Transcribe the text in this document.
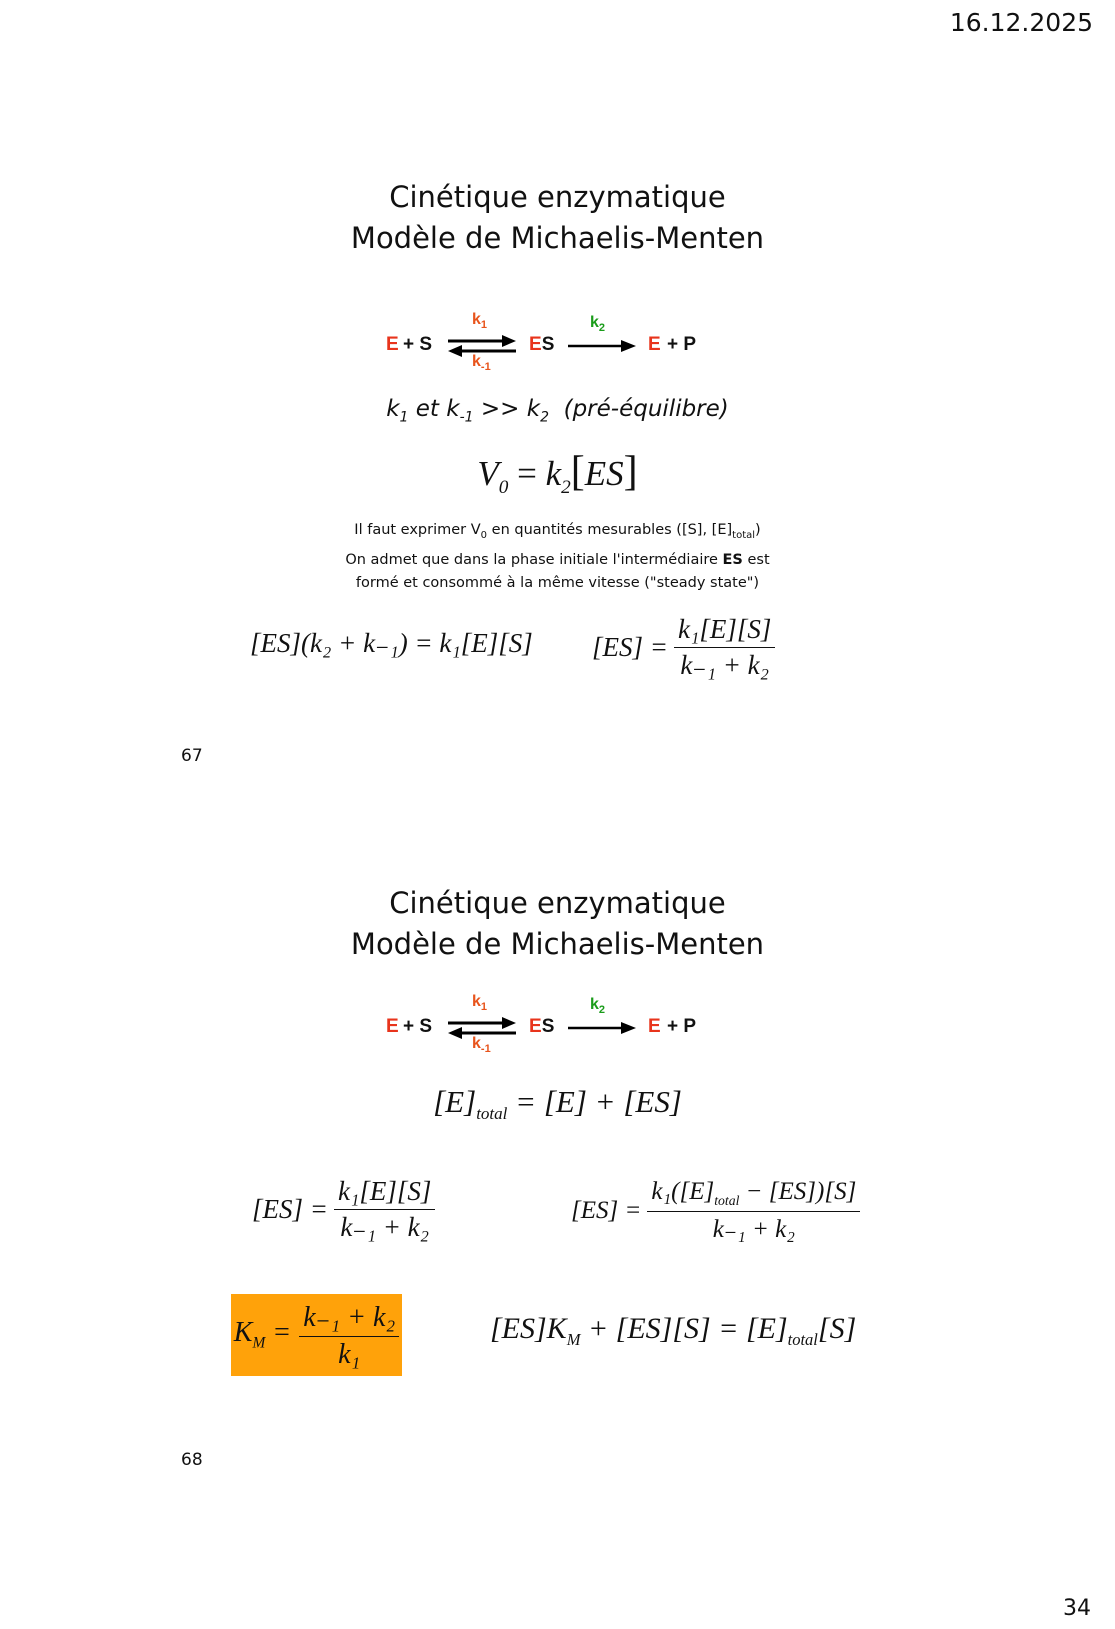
16.12.2025
Cinétique enzymatique
Modèle de Michaelis-Menten
E + S
$k_1$
$k_{-1}$
ES
$k_2$
E + P
$k_1$ et $k_{-1} >> k_2$ (pré-équilibre)
$V_0 = k_2[ES]$
Il faut exprimer $V_0$ en quantités mesurables ([S], $[E]_{total}$)
On admet que dans la phase initiale l'intermédiaire ES est
formé et consommé à la même vitesse ("steady state")
[ES](k₂ + k₋₁) = k₁[E][S] $[ES] = \frac{\text{k₁[E][S]}}{\text{k₋₁ + k₂}}$
67
Cinétique enzymatique
Modèle de Michaelis-Menten
E + S
$k_1$
$k_{-1}$
ES
$k_2$
E + P
$[E]_{total} = [E] + [ES]$
$[ES] = \frac{\text{k₁[E][S]}}{\text{k₋₁ + k₂}}$	$[ES] = \frac{k_1([E]_{total} - [ES])[S]}{\text{k₋₁ + k₂}}$
$K_M = \frac{\text{k₋₁ + k₂}}{\text{k₁}}$	$[ES]K_M + [ES][S] = [E]_{total}[S]$
68
34
